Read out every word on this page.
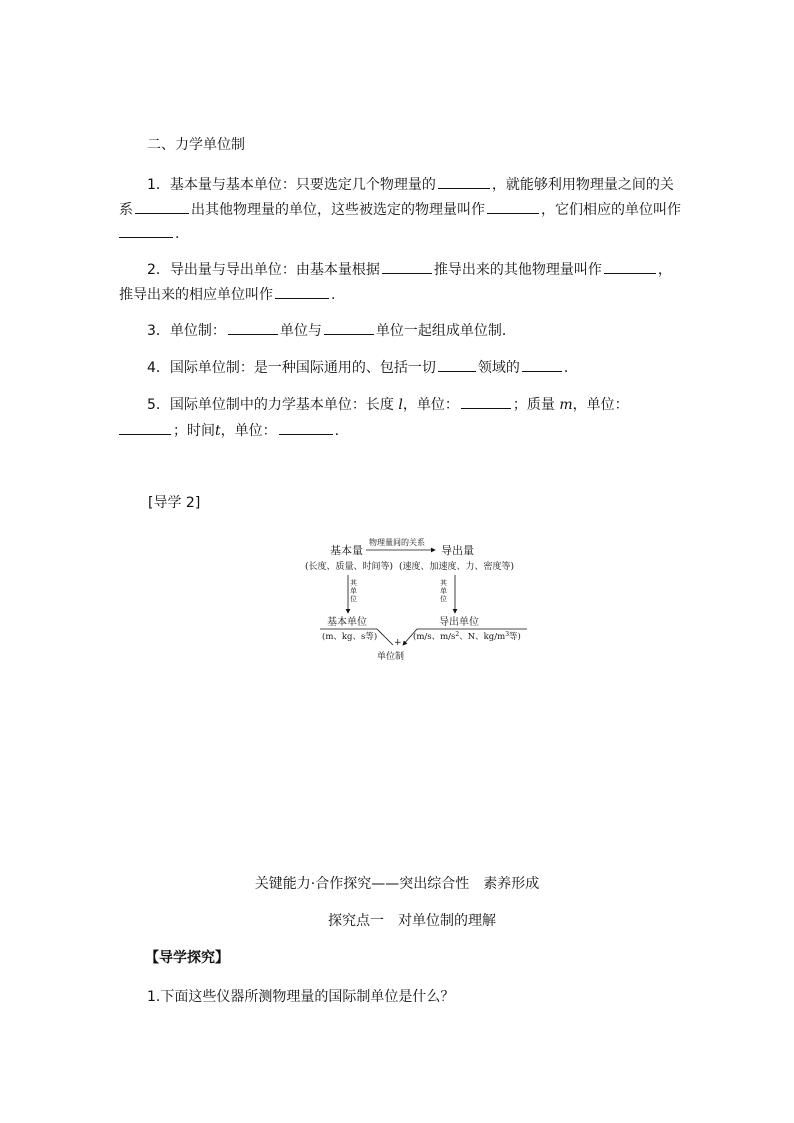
二、力学单位制
1．基本量与基本单位：只要选定几个物理量的	，就能够利用物理量之间的关
系	出其他物理量的单位，这些被选定的物理量叫作	，它们相应的单位叫作
.
2．导出量与导出单位：由基本量根据	推导出来的其他物理量叫作	，
推导出来的相应单位叫作	.
3．单位制：	单位与	单位一起组成单位制．
4．国际单位制：是一种国际通用的、包括一切	领域的	.
5．国际单位制中的力学基本单位：长度 l，单位：	；质量 m，单位：
；时间t，单位：	.
[导学 2]
基本量
物理量间的关系
导出量
(长度、质量、时间等) (速度、加速度、力、密度等)
其
单
位
其
单
位
基本单位	导出单位
(m、kg、s等)	(m/s、$m/s^2$、N、$kg/m^3$等)
+
单位制
关键能力·合作探究——突出综合性　素养形成
探究点一　对单位制的理解
【导学探究】
1.下面这些仪器所测物理量的国际制单位是什么？
